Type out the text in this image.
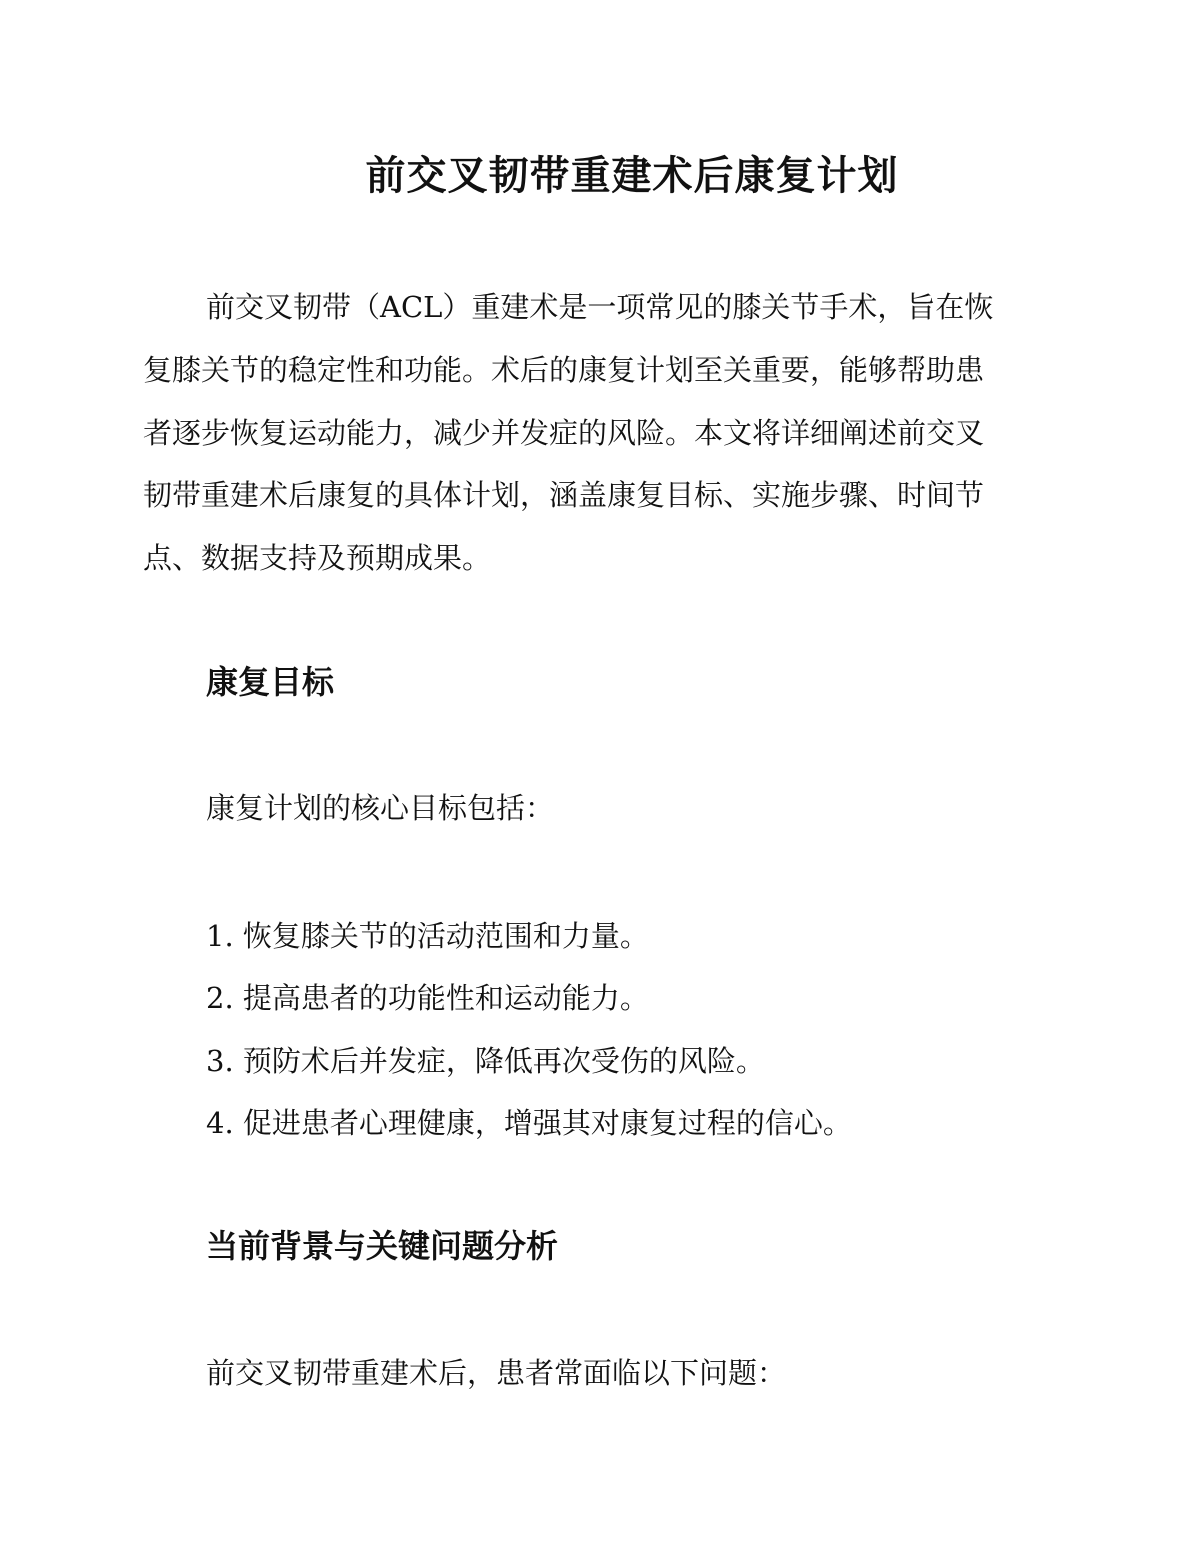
前交叉韧带重建术后康复计划

前交叉韧带（ACL）重建术是一项常见的膝关节手术，旨在恢

复膝关节的稳定性和功能。术后的康复计划至关重要，能够帮助患

者逐步恢复运动能力，减少并发症的风险。本文将详细阐述前交叉

韧带重建术后康复的具体计划，涵盖康复目标、实施步骤、时间节

点、数据支持及预期成果。

康复目标

康复计划的核心目标包括：

1. 恢复膝关节的活动范围和力量。

2. 提高患者的功能性和运动能力。

3. 预防术后并发症，降低再次受伤的风险。

4. 促进患者心理健康，增强其对康复过程的信心。

当前背景与关键问题分析

前交叉韧带重建术后，患者常面临以下问题：
